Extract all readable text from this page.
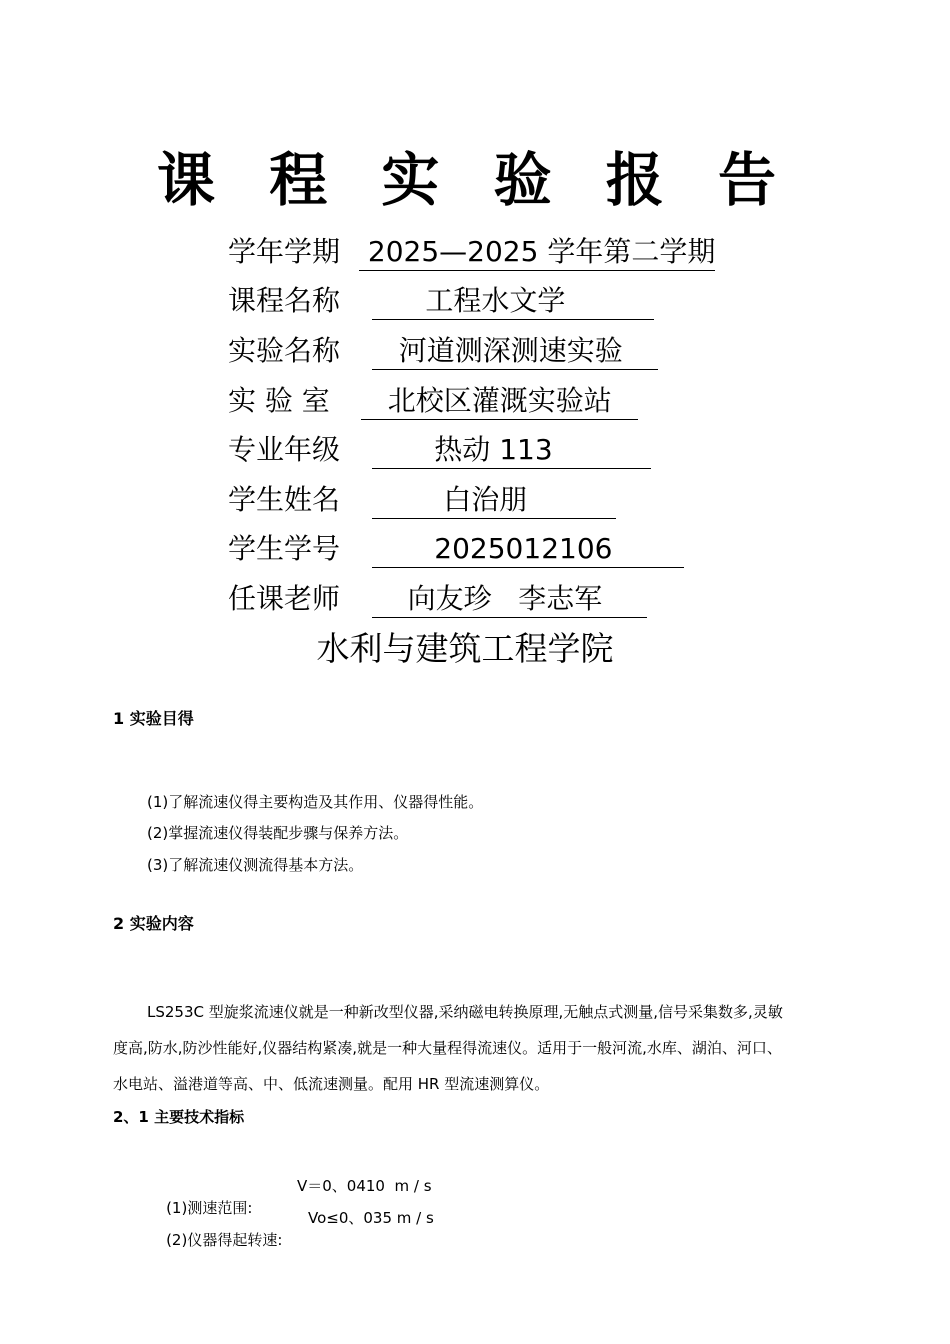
课 程 实 验 报 告
学年学期 2025—2025 学年第二学期
课程名称 工程水文学
实验名称 河道测深测速实验
实 验 室 北校区灌溉实验站
专业年级 热动 113
学生姓名 白治朋
学生学号 2025012106
任课老师 向友珍   李志军
水利与建筑工程学院
1 实验目得
(1)了解流速仪得主要构造及其作用、仪器得性能。
(2)掌握流速仪得装配步骤与保养方法。
(3)了解流速仪测流得基本方法。
2 实验内容
LS253C 型旋浆流速仪就是一种新改型仪器,采纳磁电转换原理,无触点式测量,信号采集数多,灵敏
度高,防水,防沙性能好,仪器结构紧凑,就是一种大量程得流速仪。适用于一般河流,水库、湖泊、河口、
水电站、溢港道等高、中、低流速测量。配用 HR 型流速测算仪。
2、1 主要技术指标

(1)测速范围:

V＝0、0410  m / s

(2)仪器得起转速:

Vo≤0、035 m / s
